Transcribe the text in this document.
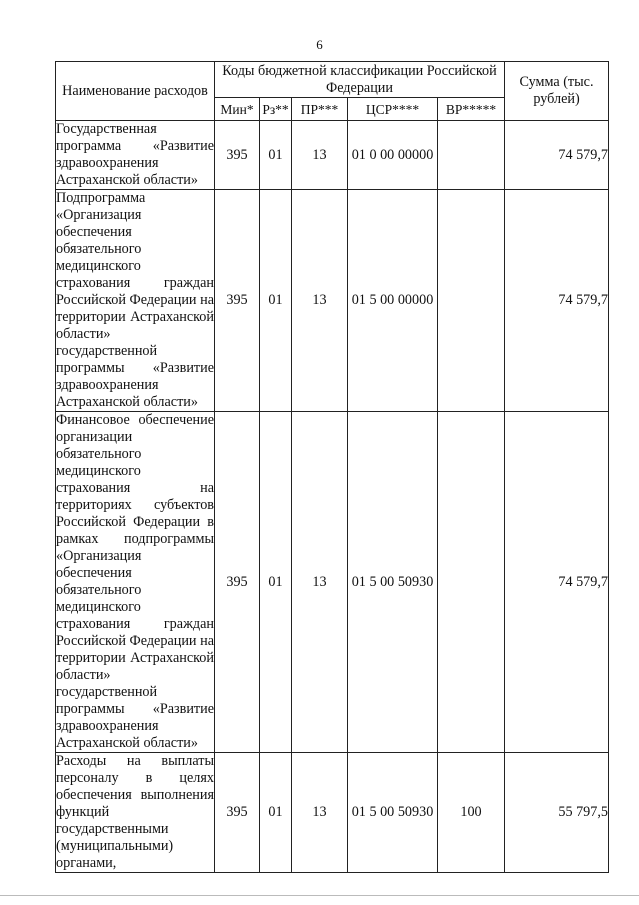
6
Наименование расходов	Коды бюджетной классификации Российской Федерации					Сумма (тыс. рублей)
	Мин*	Рз**	ПР***	ЦСР****	ВР*****	

Государственная программа «Развитие здравоохранения Астраханской области»	395	01	13	01 0 00 00000		74 579,7

Подпрограмма «Организация обеспечения обязательного медицинского страхования граждан Российской Федерации на территории Астраханской области» государственной программы «Развитие здравоохранения Астраханской области»	395	01	13	01 5 00 00000		74 579,7

Финансовое обеспечение организации обязательного медицинского страхования на территориях субъектов Российской Федерации в рамках подпрограммы «Организация обеспечения обязательного медицинского страхования граждан Российской Федерации на территории Астраханской области» государственной программы «Развитие здравоохранения Астраханской области»	395	01	13	01 5 00 50930		74 579,7

Расходы на выплаты персоналу в целях обеспечения выполнения функций государственными (муниципальными) органами,	395	01	13	01 5 00 50930	100	55 797,5
